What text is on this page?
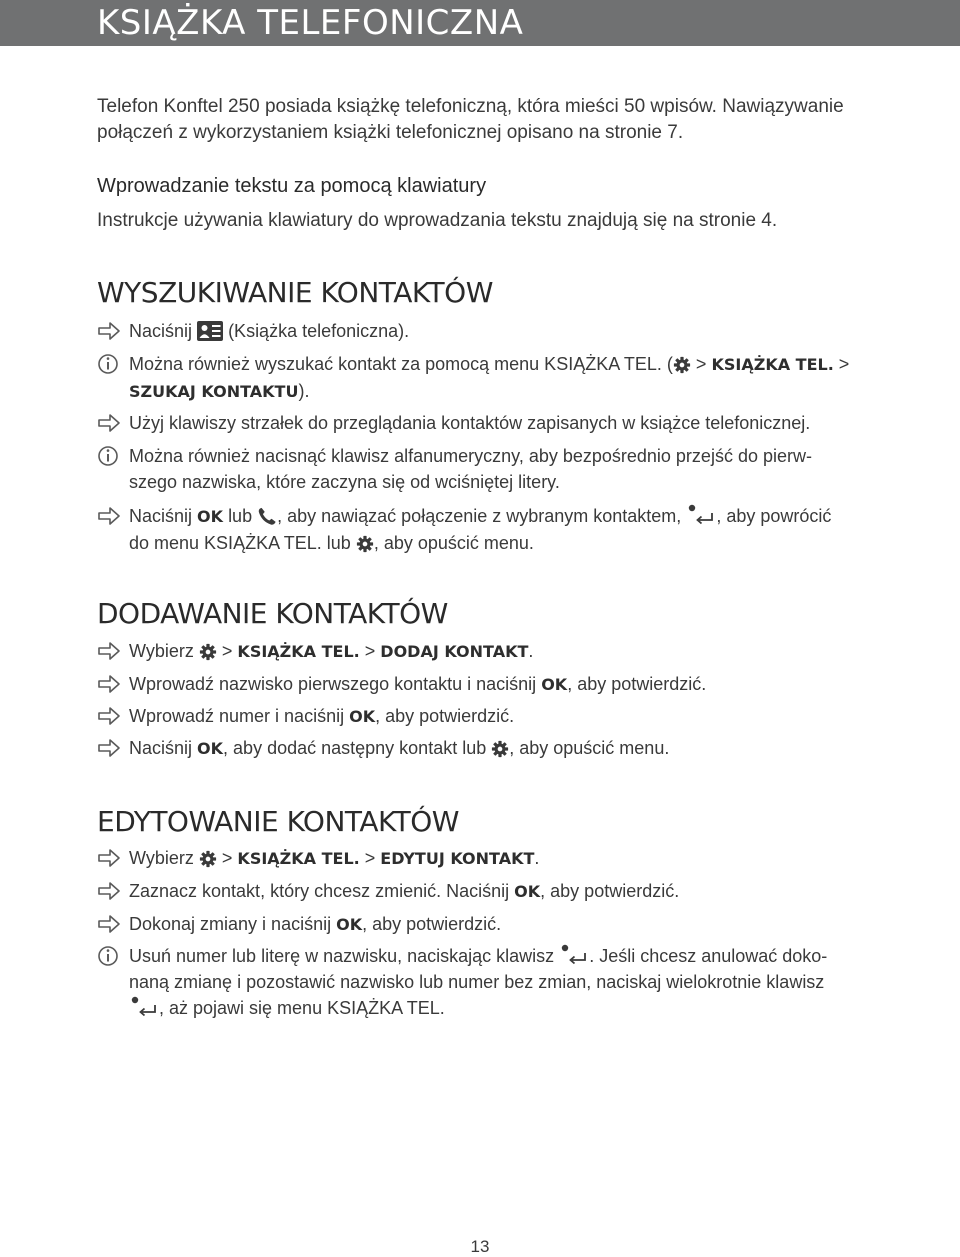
KSIĄŻKA TELEFONICZNA

Telefon Konftel 250 posiada książkę telefoniczną, która mieści 50 wpisów. Nawiązywanie

połączeń z wykorzystaniem książki telefonicznej opisano na stronie 7.

Wprowadzanie tekstu za pomocą klawiatury

Instrukcje używania klawiatury do wprowadzania tekstu znajdują się na stronie 4.

WYSZUKIWANIE KONTAKTÓW
Naciśnij (Książka telefoniczna).
Można również wyszukać kontakt za pomocą menu KSIĄŻKA TEL. ( > KSIĄŻKA TEL. >
SZUKAJ KONTAKTU).
Użyj klawiszy strzałek do przeglądania kontaktów zapisanych w książce telefonicznej.
Można również nacisnąć klawisz alfanumeryczny, aby bezpośrednio przejść do pierw-
szego nazwiska, które zaczyna się od wciśniętej litery.
Naciśnij OK lub , aby nawiązać połączenie z wybranym kontaktem, , aby powrócić
do menu KSIĄŻKA TEL. lub , aby opuścić menu.
DODAWANIE KONTAKTÓW
Wybierz > KSIĄŻKA TEL. > DODAJ KONTAKT.
Wprowadź nazwisko pierwszego kontaktu i naciśnij OK, aby potwierdzić.
Wprowadź numer i naciśnij OK, aby potwierdzić.
Naciśnij OK, aby dodać następny kontakt lub , aby opuścić menu.
EDYTOWANIE KONTAKTÓW
Wybierz > KSIĄŻKA TEL. > EDYTUJ KONTAKT.
Zaznacz kontakt, który chcesz zmienić. Naciśnij OK, aby potwierdzić.
Dokonaj zmiany i naciśnij OK, aby potwierdzić.
Usuń numer lub literę w nazwisku, naciskając klawisz . Jeśli chcesz anulować doko-
naną zmianę i pozostawić nazwisko lub numer bez zmian, naciskaj wielokrotnie klawisz
, aż pojawi się menu KSIĄŻKA TEL.
13
